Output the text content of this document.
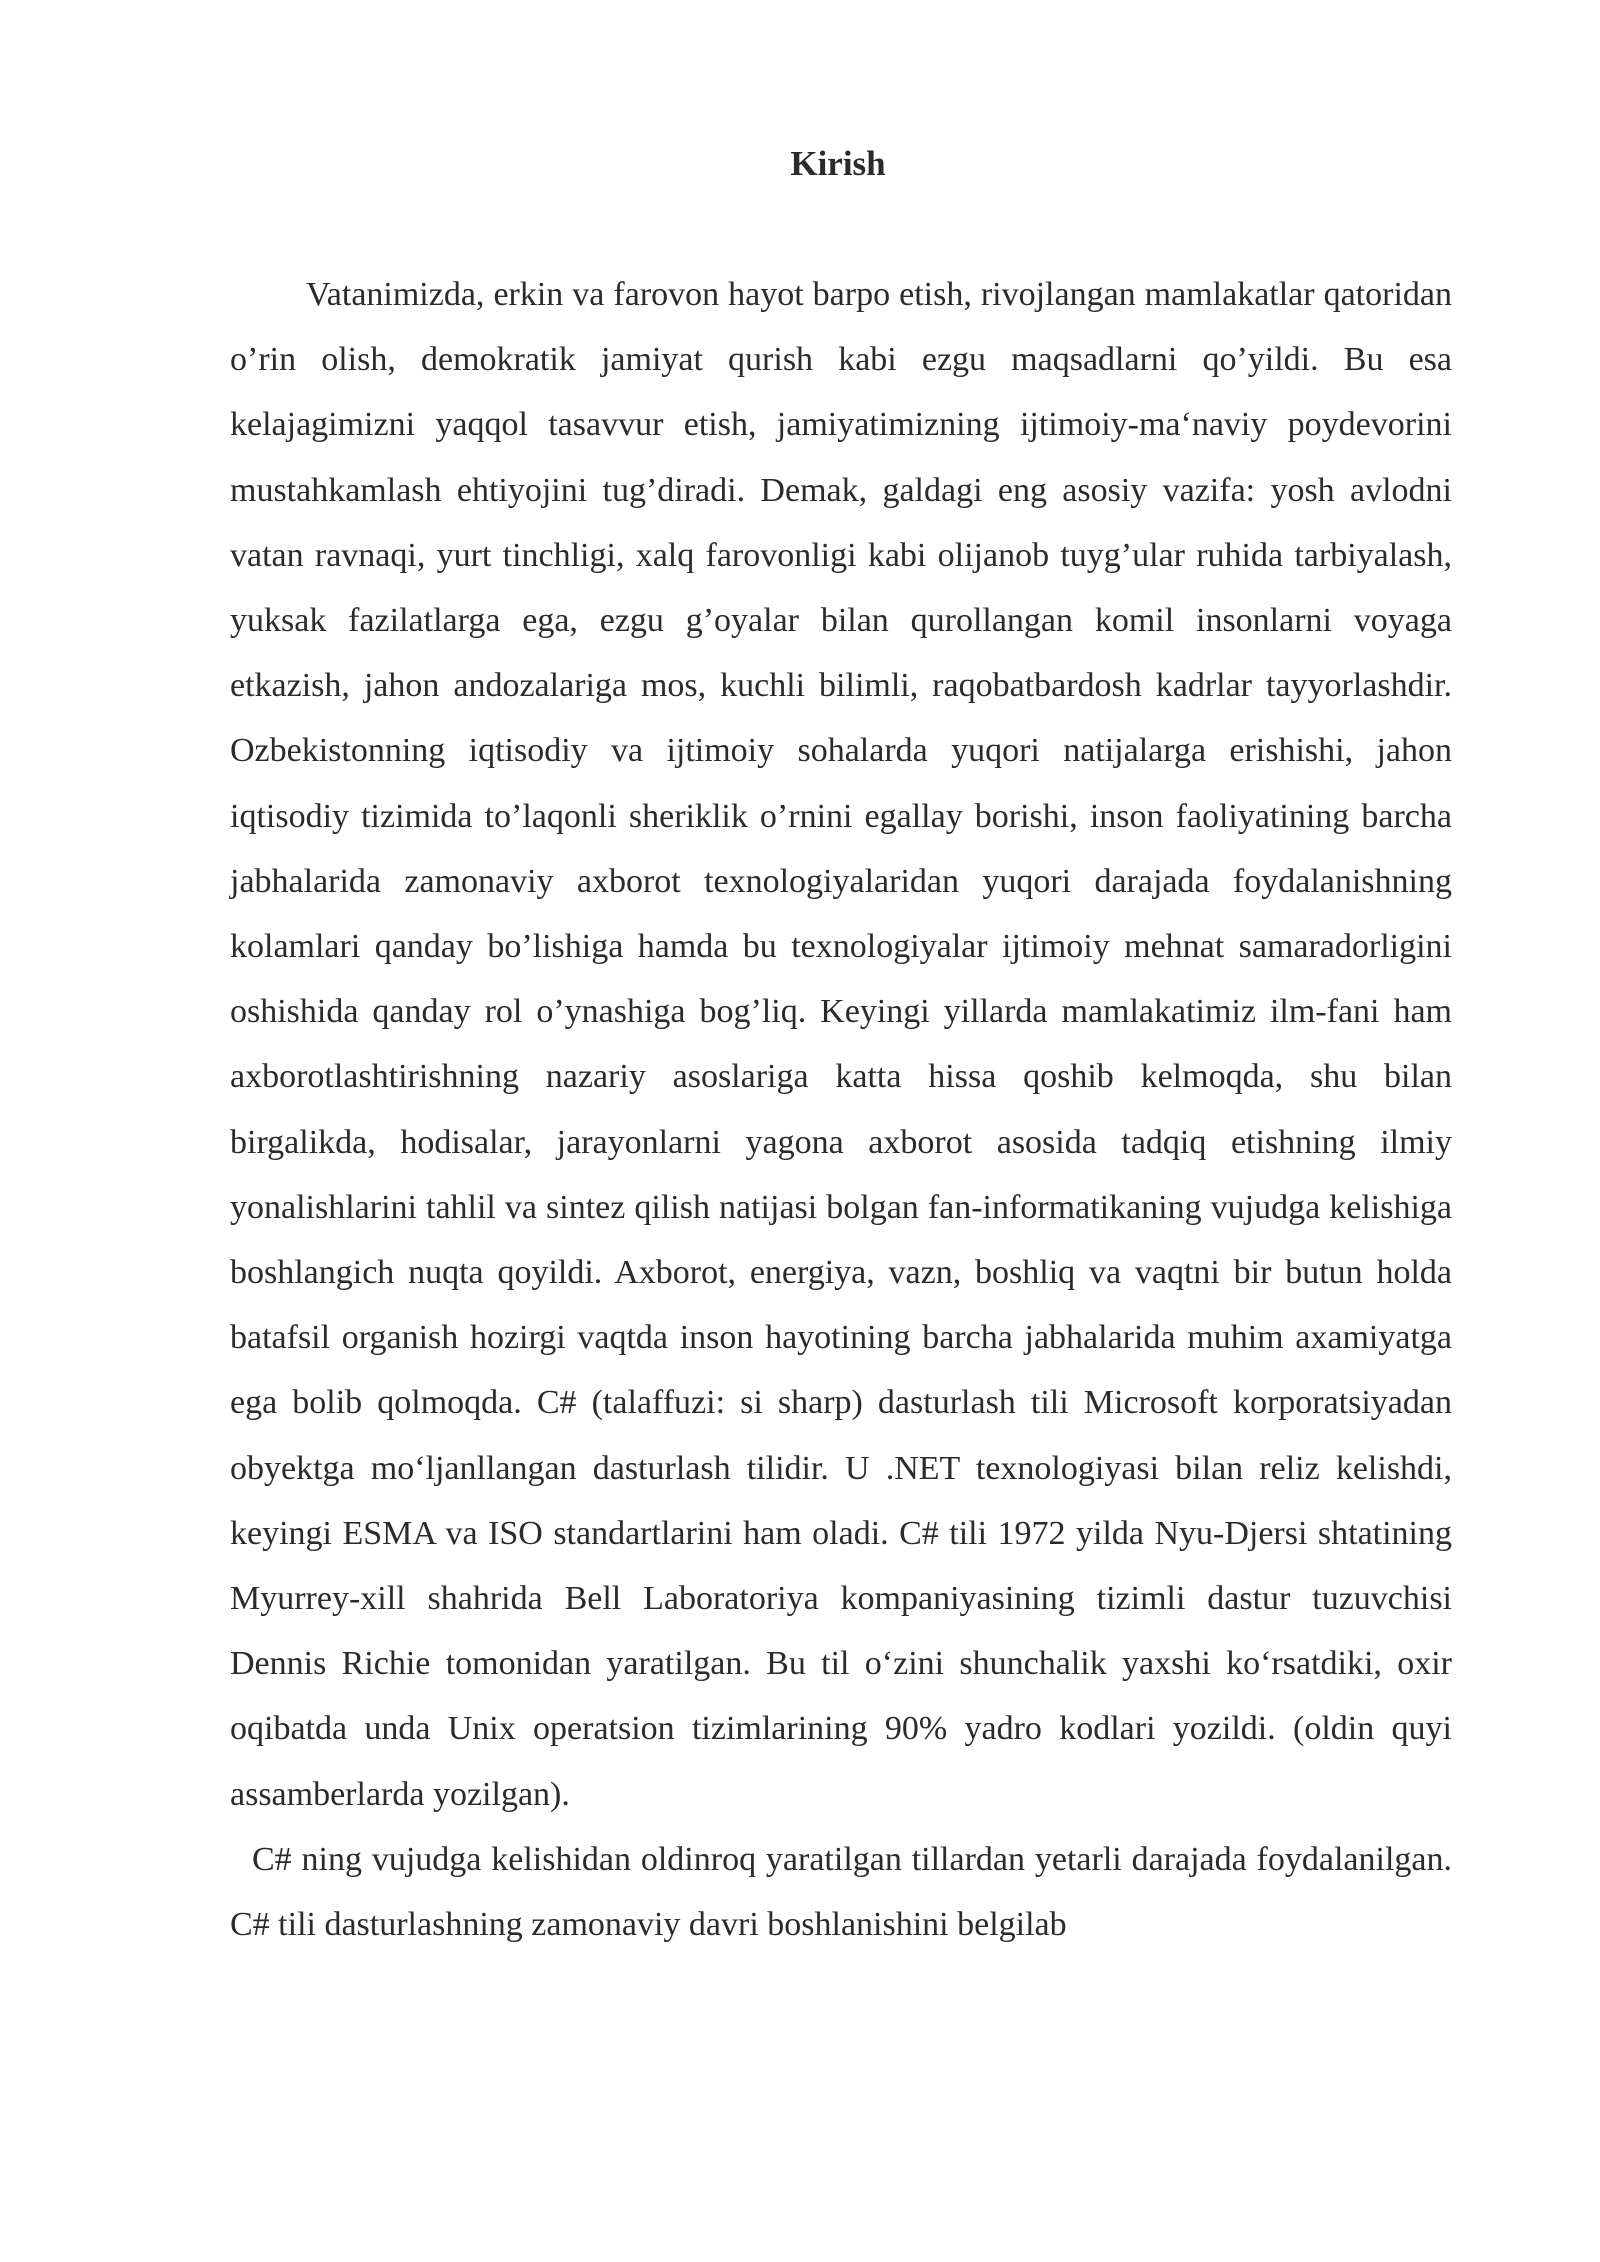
Kirish

Vatanimizda, erkin va farovon hayot barpo etish, rivojlangan mamlakatlar qatoridan o’rin olish, demokratik jamiyat qurish kabi ezgu maqsadlarni qo’yildi. Bu esa kelajagimizni yaqqol tasavvur etish, jamiyatimizning ijtimoiy-ma‘naviy poydevorini mustahkamlash ehtiyojini tug’diradi. Demak, galdagi eng asosiy vazifa: yosh avlodni vatan ravnaqi, yurt tinchligi, xalq farovonligi kabi olijanob tuyg’ular ruhida tarbiyalash, yuksak fazilatlarga ega, ezgu g’oyalar bilan qurollangan komil insonlarni voyaga etkazish, jahon andozalariga mos, kuchli bilimli, raqobatbardosh kadrlar tayyorlashdir. Ozbekistonning iqtisodiy va ijtimoiy sohalarda yuqori natijalarga erishishi, jahon iqtisodiy tizimida to’laqonli sheriklik o’rnini egallay borishi, inson faoliyatining barcha jabhalarida zamonaviy axborot texnologiyalaridan yuqori darajada foydalanishning kolamlari qanday bo’lishiga hamda bu texnologiyalar ijtimoiy mehnat samaradorligini oshishida qanday rol o’ynashiga bog’liq. Keyingi yillarda mamlakatimiz ilm-fani ham axborotlashtirishning nazariy asoslariga katta hissa qoshib kelmoqda, shu bilan birgalikda, hodisalar, jarayonlarni yagona axborot asosida tadqiq etishning ilmiy yonalishlarini tahlil va sintez qilish natijasi bolgan fan-informatikaning vujudga kelishiga boshlangich nuqta qoyildi. Axborot, energiya, vazn, boshliq va vaqtni bir butun holda batafsil organish hozirgi vaqtda inson hayotining barcha jabhalarida muhim axamiyatga ega bolib qolmoqda. C# (talaffuzi: si sharp) dasturlash tili Microsoft korporatsiyadan obyektga mo‘ljanllangan dasturlash tilidir. U .NET texnologiyasi bilan reliz kelishdi, keyingi ESMA va ISO standartlarini ham oladi. C# tili 1972 yilda Nyu-Djersi shtatining Myurrey-xill shahrida Bell Laboratoriya kompaniyasining tizimli dastur tuzuvchisi Dennis Richie tomonidan yaratilgan. Bu til o‘zini shunchalik yaxshi ko‘rsatdiki, oxir oqibatda unda Unix operatsion tizimlarining 90% yadro kodlari yozildi. (oldin quyi assamberlarda yozilgan).

C# ning vujudga kelishidan oldinroq yaratilgan tillardan yetarli darajada foydalanilgan. C# tili dasturlashning zamonaviy davri boshlanishini belgilab
